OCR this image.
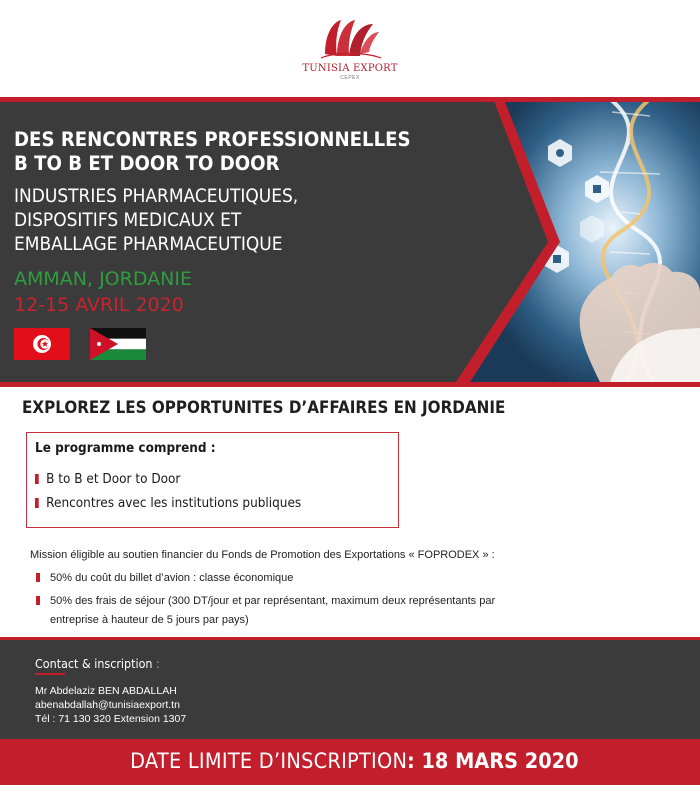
TUNISIA EXPORT
CEPEX
DES RENCONTRES PROFESSIONNELLES
B TO B ET DOOR TO DOOR
INDUSTRIES PHARMACEUTIQUES,
DISPOSITIFS MEDICAUX ET
EMBALLAGE PHARMACEUTIQUE
AMMAN, JORDANIE
12-15 AVRIL 2020
EXPLOREZ LES OPPORTUNITES D’AFFAIRES EN JORDANIE
Le programme comprend :
B to B et Door to Door
Rencontres avec les institutions publiques
Mission éligible au soutien financier du Fonds de Promotion des Exportations « FOPRODEX » :
50% du coût du billet d’avion : classe économique
50% des frais de séjour (300 DT/jour et par représentant, maximum deux représentants par
entreprise à hauteur de 5 jours par pays)
Contact & inscription :
Mr Abdelaziz BEN ABDALLAH
abenabdallah@tunisiaexport.tn
Tél : 71 130 320 Extension 1307
DATE LIMITE D’INSCRIPTION: 18 MARS 2020
